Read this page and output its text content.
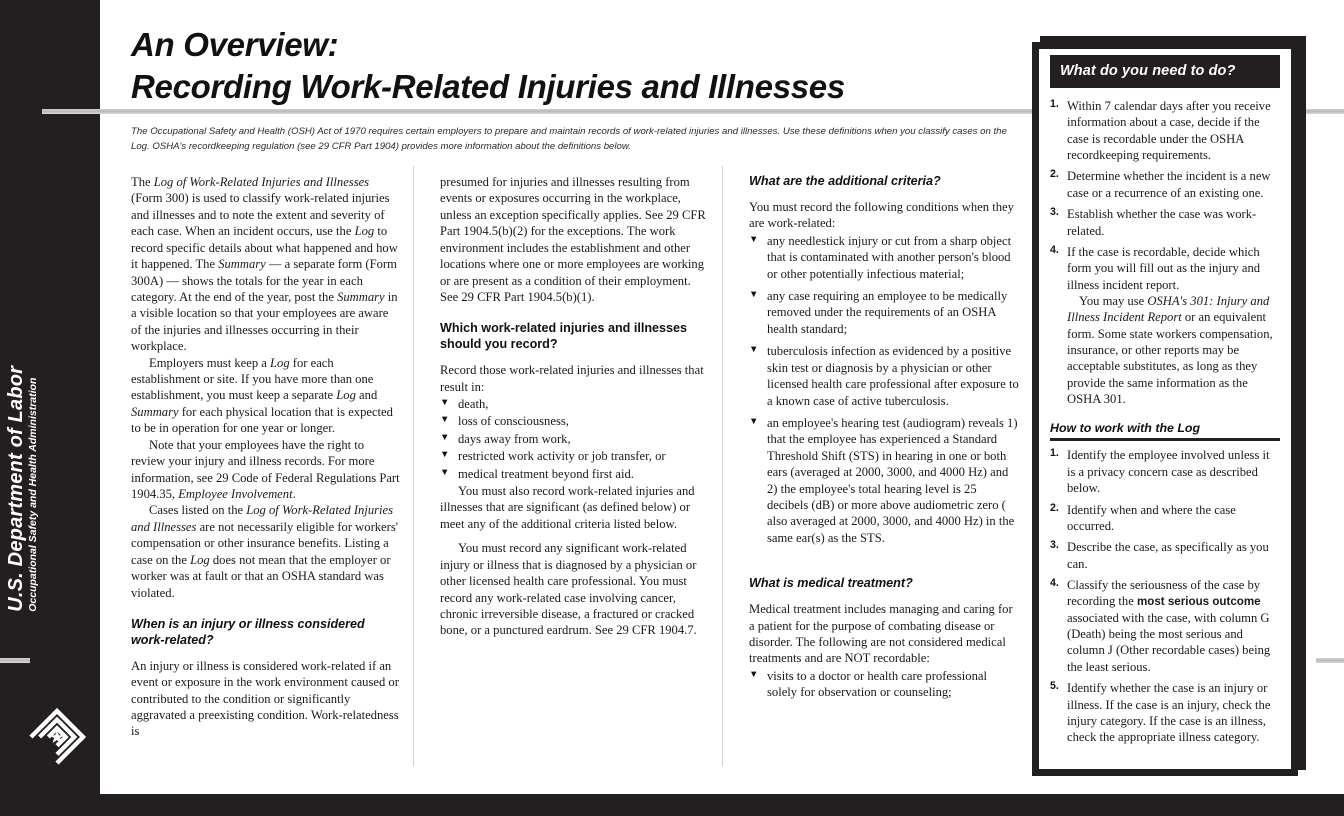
U.S. Department of Labor Occupational Safety and Health Administration
An Overview:
Recording Work-Related Injuries and Illnesses
The Occupational Safety and Health (OSH) Act of 1970 requires certain employers to prepare and maintain records of work-related injuries and illnesses. Use these definitions when you classify cases on the Log. OSHA's recordkeeping regulation (see 29 CFR Part 1904) provides more information about the definitions below.

The Log of Work-Related Injuries and Illnesses (Form 300) is used to classify work-related injuries and illnesses and to note the extent and severity of each case. When an incident occurs, use the Log to record specific details about what happened and how it happened. The Summary — a separate form (Form 300A) — shows the totals for the year in each category. At the end of the year, post the Summary in a visible location so that your employees are aware of the injuries and illnesses occurring in their workplace.

Employers must keep a Log for each establishment or site. If you have more than one establishment, you must keep a separate Log and Summary for each physical location that is expected to be in operation for one year or longer.

Note that your employees have the right to review your injury and illness records. For more information, see 29 Code of Federal Regulations Part 1904.35, Employee Involvement.

Cases listed on the Log of Work-Related Injuries and Illnesses are not necessarily eligible for workers' compensation or other insurance benefits. Listing a case on the Log does not mean that the employer or worker was at fault or that an OSHA standard was violated.

When is an injury or illness considered work-related?

An injury or illness is considered work-related if an event or exposure in the work environment caused or contributed to the condition or significantly aggravated a preexisting condition. Work-relatedness is

presumed for injuries and illnesses resulting from events or exposures occurring in the workplace, unless an exception specifically applies. See 29 CFR Part 1904.5(b)(2) for the exceptions. The work environment includes the establishment and other locations where one or more employees are working or are present as a condition of their employment. See 29 CFR Part 1904.5(b)(1).

Which work-related injuries and illnesses should you record?

Record those work-related injuries and illnesses that result in:

▼ death,
▼ loss of consciousness,
▼ days away from work,
▼ restricted work activity or job transfer, or
▼ medical treatment beyond first aid.

You must also record work-related injuries and illnesses that are significant (as defined below) or meet any of the additional criteria listed below.

You must record any significant work-related injury or illness that is diagnosed by a physician or other licensed health care professional. You must record any work-related case involving cancer, chronic irreversible disease, a fractured or cracked bone, or a punctured eardrum. See 29 CFR 1904.7.

What are the additional criteria?

You must record the following conditions when they are work-related:

▼ any needlestick injury or cut from a sharp object that is contaminated with another person's blood or other potentially infectious material;
▼ any case requiring an employee to be medically removed under the requirements of an OSHA health standard;
▼ tuberculosis infection as evidenced by a positive skin test or diagnosis by a physician or other licensed health care professional after exposure to a known case of active tuberculosis.
▼ an employee's hearing test (audiogram) reveals 1) that the employee has experienced a Standard Threshold Shift (STS) in hearing in one or both ears (averaged at 2000, 3000, and 4000 Hz) and 2) the employee's total hearing level is 25 decibels (dB) or more above audiometric zero ( also averaged at 2000, 3000, and 4000 Hz) in the same ear(s) as the STS.
What is medical treatment?

Medical treatment includes managing and caring for a patient for the purpose of combating disease or disorder. The following are not considered medical treatments and are NOT recordable:

▼ visits to a doctor or health care professional solely for observation or counseling;
What do you need to do?
1. Within 7 calendar days after you receive information about a case, decide if the case is recordable under the OSHA recordkeeping requirements.
2. Determine whether the incident is a new case or a recurrence of an existing one.
3. Establish whether the case was work-related.
4. If the case is recordable, decide which form you will fill out as the injury and illness incident report.

You may use OSHA's 301: Injury and Illness Incident Report or an equivalent form. Some state workers compensation, insurance, or other reports may be acceptable substitutes, as long as they provide the same information as the OSHA 301.

How to work with the Log
1. Identify the employee involved unless it is a privacy concern case as described below.
2. Identify when and where the case occurred.
3. Describe the case, as specifically as you can.
4. Classify the seriousness of the case by recording the most serious outcome associated with the case, with column G (Death) being the most serious and column J (Other recordable cases) being the least serious.
5. Identify whether the case is an injury or illness. If the case is an injury, check the injury category. If the case is an illness, check the appropriate illness category.
